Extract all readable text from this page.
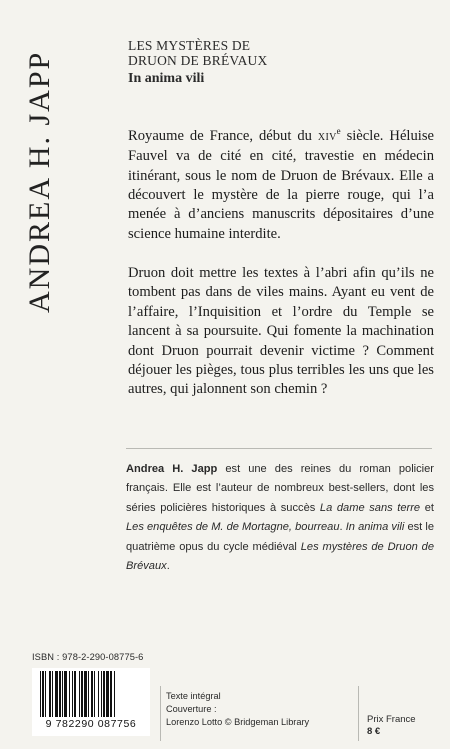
ANDREA H. JAPP
LES MYSTÈRES DE
DRUON DE BRÉVAUX
In anima vili
Royaume de France, début du XIVe siècle. Héluise Fauvel va de cité en cité, travestie en médecin itinérant, sous le nom de Druon de Brévaux. Elle a découvert le mystère de la pierre rouge, qui l’a menée à d’anciens manuscrits dépositaires d’une science humaine interdite.
Druon doit mettre les textes à l’abri afin qu’ils ne tombent pas dans de viles mains. Ayant eu vent de l’affaire, l’Inquisition et l’ordre du Temple se lancent à sa poursuite. Qui fomente la machination dont Druon pourrait devenir victime ? Comment déjouer les pièges, tous plus terribles les uns que les autres, qui jalonnent son chemin ?
Andrea H. Japp est une des reines du roman policier français. Elle est l’auteur de nombreux best-sellers, dont les séries policières historiques à succès La dame sans terre et Les enquêtes de M. de Mortagne, bourreau. In anima vili est le quatrième opus du cycle médiéval Les mystères de Druon de Brévaux.
ISBN : 978-2-290-08775-6
9 782290 087756
Texte intégral
Couverture :
Lorenzo Lotto © Bridgeman Library	Prix France
8 €
